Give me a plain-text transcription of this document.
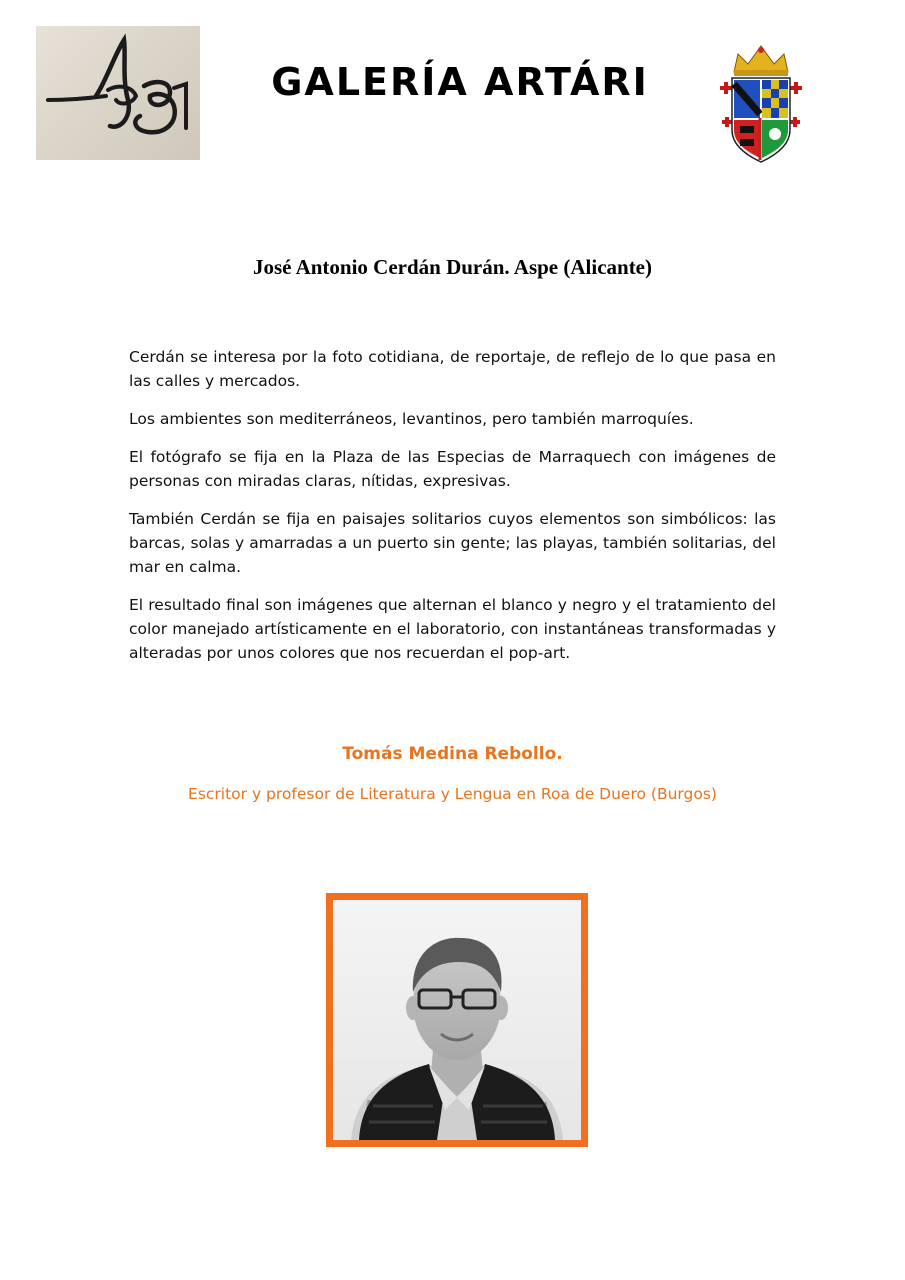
GALERÍA ARTÁRI
José Antonio Cerdán Durán. Aspe (Alicante)

Cerdán se interesa por la foto cotidiana, de reportaje, de reflejo de lo que pasa en las calles y mercados.

Los ambientes son mediterráneos, levantinos, pero también marroquíes.

El fotógrafo se fija en la Plaza de las Especias de Marraquech con imágenes de personas con miradas claras, nítidas, expresivas.

También Cerdán se fija en paisajes solitarios cuyos elementos son simbólicos: las barcas, solas y amarradas a un puerto sin gente; las playas, también solitarias, del mar en calma.

El resultado final son imágenes que alternan el blanco y negro y el tratamiento del color manejado artísticamente en el laboratorio, con instantáneas transformadas y alteradas por unos colores que nos recuerdan el pop-art.

Tomás Medina Rebollo.
Escritor y profesor de Literatura y Lengua en Roa de Duero (Burgos)
